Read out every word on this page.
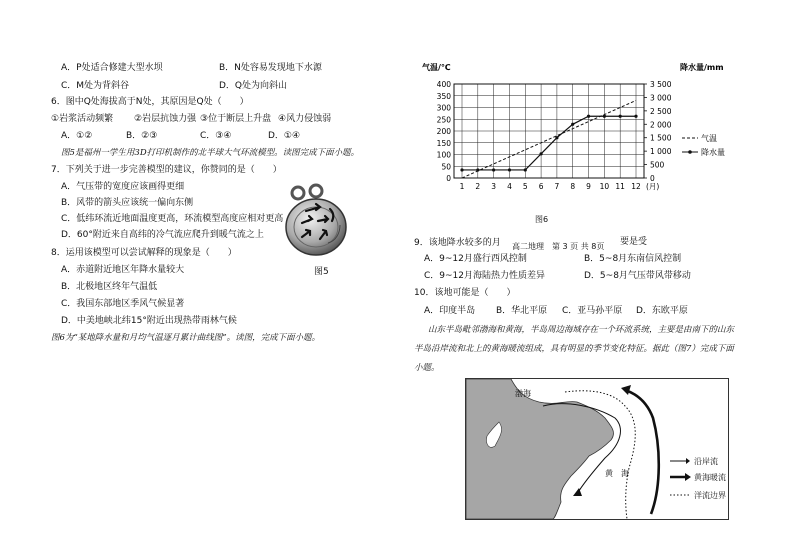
A．P处适合修建大型水坝	B．N处容易发现地下水源
C．M处为背斜谷	D．Q处为向斜山
6．图中Q处海拔高于N处，其原因是Q处（　　）
①岩浆活动频繁 ②岩层抗蚀力强 ③位于断层上升盘 ④风力侵蚀弱
A．①②	B．②③	C．③④	D．①④
图5是福州一学生用3D打印机制作的北半球大气环流模型。读图完成下面小题。
7．下列关于进一步完善模型的建议，你赞同的是（　　）
A．气压带的宽度应该画得更细
B．风带的箭头应该统一偏向东侧
C．低纬环流近地面温度更高，环流模型高度应相对更高
D．60°附近来自高纬的冷气流应爬升到暖气流之上
8．运用该模型可以尝试解释的现象是（　　）
A．赤道附近地区年降水量较大
B．北极地区终年气温低
C．我国东部地区季风气候显著
D．中美地峡北纬15°附近出现热带雨林气候
图5
图6为“某地降水量和月均气温逐月累计曲线图”。读图，完成下面小题。
气温/℃	降水量/mm
0
50
100
150
200
250
300
350
400
0
500
1 000
1 500
2 000
2 500
3 000
3 500
1 2 3 4 5 6 7 8 9 10 11 12 (月)
气温
降水量
图6
9．该地降水较多的月 高二地理　第 3 页 共 8页 要是受
A．9~12月盛行西风控制	B．5~8月东南信风控制
C．9~12月海陆热力性质差异	D．5~8月气压带风带移动
10．该地可能是（　　）
A．印度半岛 B．华北平原 C．亚马孙平原 D．东欧平原
山东半岛毗邻渤海和黄海，半岛周边海域存在一个环流系统，主要是由南下的山东
半岛沿岸流和北上的黄海暖流组成，具有明显的季节变化特征。据此（图7）完成下面
小题。
渤海
黄　海
沿岸流
黄海暖流
洋流边界
